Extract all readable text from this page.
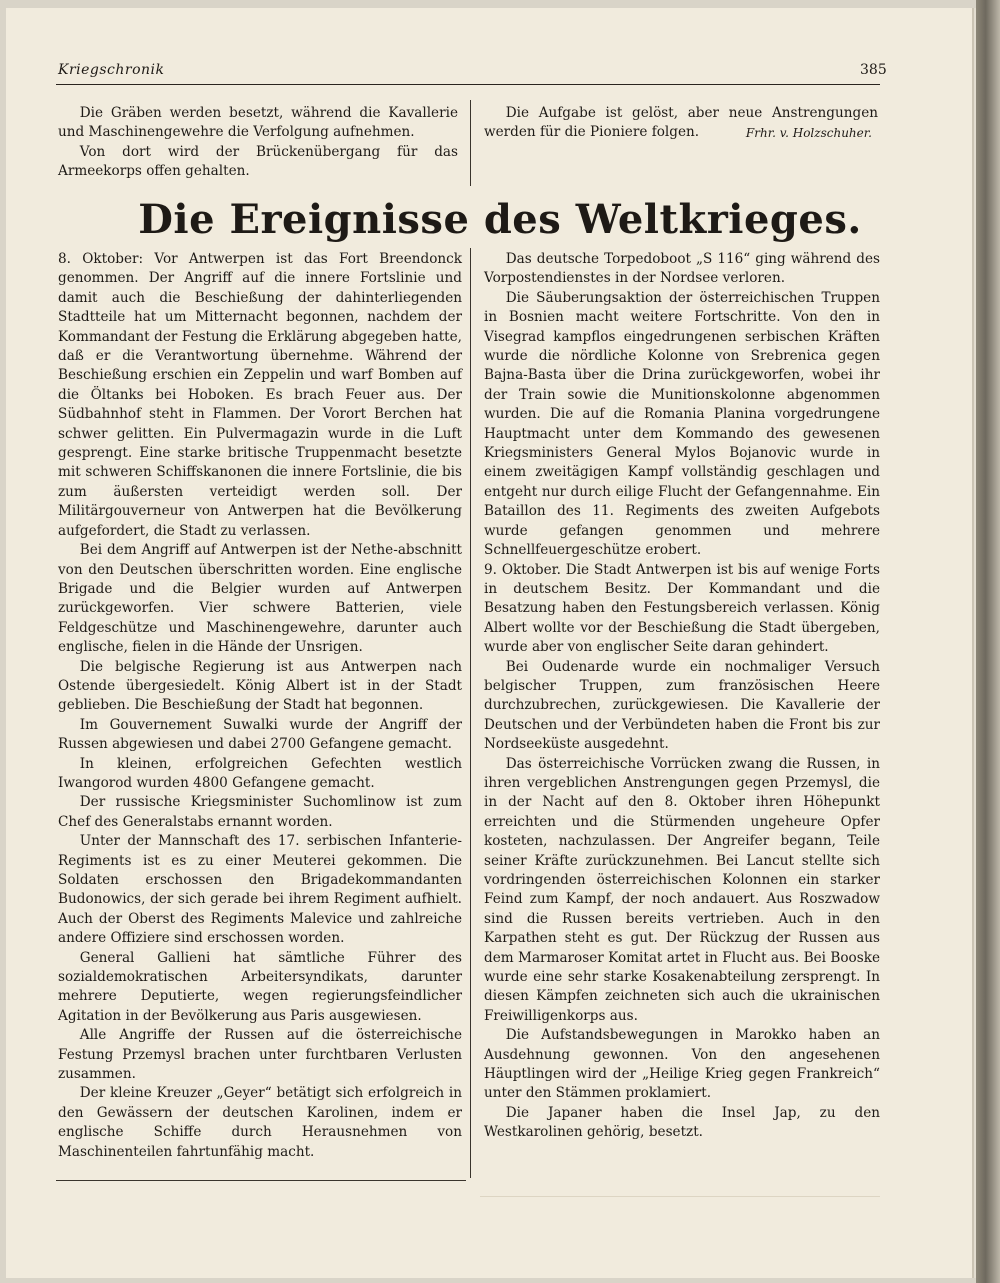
Kriegschronik	385

Die Gräben werden besetzt, während die Kavallerie und Maschinengewehre die Verfolgung aufnehmen.

Von dort wird der Brückenübergang für das Armeekorps offen gehalten.

Die Aufgabe ist gelöst, aber neue Anstrengungen werden für die Pioniere folgen.	Frhr. v. Holzschuher.
Die Ereignisse des Weltkrieges.

8. Oktober: Vor Antwerpen ist das Fort Breendonck genommen. Der Angriff auf die innere Fortslinie und damit auch die Beschießung der dahinterliegenden Stadtteile hat um Mitternacht begonnen, nachdem der Kommandant der Festung die Erklärung abgegeben hatte, daß er die Verantwortung übernehme. Während der Beschießung erschien ein Zeppelin und warf Bomben auf die Öltanks bei Hoboken. Es brach Feuer aus. Der Südbahnhof steht in Flammen. Der Vorort Berchen hat schwer gelitten. Ein Pulvermagazin wurde in die Luft gesprengt. Eine starke britische Truppenmacht besetzte mit schweren Schiffskanonen die innere Fortslinie, die bis zum äußersten verteidigt werden soll. Der Militärgouverneur von Antwerpen hat die Bevölkerung aufgefordert, die Stadt zu verlassen.

Bei dem Angriff auf Antwerpen ist der Nethe-abschnitt von den Deutschen überschritten worden. Eine englische Brigade und die Belgier wurden auf Antwerpen zurückgeworfen. Vier schwere Batterien, viele Feldgeschütze und Maschinengewehre, darunter auch englische, fielen in die Hände der Unsrigen.

Die belgische Regierung ist aus Antwerpen nach Ostende übergesiedelt. König Albert ist in der Stadt geblieben. Die Beschießung der Stadt hat begonnen.

Im Gouvernement Suwalki wurde der Angriff der Russen abgewiesen und dabei 2700 Gefangene gemacht.

In kleinen, erfolgreichen Gefechten westlich Iwangorod wurden 4800 Gefangene gemacht.

Der russische Kriegsminister Suchomlinow ist zum Chef des Generalstabs ernannt worden.

Unter der Mannschaft des 17. serbischen Infanterie-Regiments ist es zu einer Meuterei gekommen. Die Soldaten erschossen den Brigadekommandanten Budonowics, der sich gerade bei ihrem Regiment aufhielt. Auch der Oberst des Regiments Malevice und zahlreiche andere Offiziere sind erschossen worden.

General Gallieni hat sämtliche Führer des sozialdemokratischen Arbeitersyndikats, darunter mehrere Deputierte, wegen regierungsfeindlicher Agitation in der Bevölkerung aus Paris ausgewiesen.

Alle Angriffe der Russen auf die österreichische Festung Przemysl brachen unter furchtbaren Verlusten zusammen.

Der kleine Kreuzer „Geyer“ betätigt sich erfolgreich in den Gewässern der deutschen Karolinen, indem er englische Schiffe durch Herausnehmen von Maschinenteilen fahrtunfähig macht.

Das deutsche Torpedoboot „S 116“ ging während des Vorpostendienstes in der Nordsee verloren.

Die Säuberungsaktion der österreichischen Truppen in Bosnien macht weitere Fortschritte. Von den in Visegrad kampflos eingedrungenen serbischen Kräften wurde die nördliche Kolonne von Srebrenica gegen Bajna-Basta über die Drina zurückgeworfen, wobei ihr der Train sowie die Munitionskolonne abgenommen wurden. Die auf die Romania Planina vorgedrungene Hauptmacht unter dem Kommando des gewesenen Kriegsministers General Mylos Bojanovic wurde in einem zweitägigen Kampf vollständig geschlagen und entgeht nur durch eilige Flucht der Gefangennahme. Ein Bataillon des 11. Regiments des zweiten Aufgebots wurde gefangen genommen und mehrere Schnellfeuergeschütze erobert.

9. Oktober. Die Stadt Antwerpen ist bis auf wenige Forts in deutschem Besitz. Der Kommandant und die Besatzung haben den Festungsbereich verlassen. König Albert wollte vor der Beschießung die Stadt übergeben, wurde aber von englischer Seite daran gehindert.

Bei Oudenarde wurde ein nochmaliger Versuch belgischer Truppen, zum französischen Heere durchzubrechen, zurückgewiesen. Die Kavallerie der Deutschen und der Verbündeten haben die Front bis zur Nordseeküste ausgedehnt.

Das österreichische Vorrücken zwang die Russen, in ihren vergeblichen Anstrengungen gegen Przemysl, die in der Nacht auf den 8. Oktober ihren Höhepunkt erreichten und die Stürmenden ungeheure Opfer kosteten, nachzulassen. Der Angreifer begann, Teile seiner Kräfte zurückzunehmen. Bei Lancut stellte sich vordringenden österreichischen Kolonnen ein starker Feind zum Kampf, der noch andauert. Aus Roszwadow sind die Russen bereits vertrieben. Auch in den Karpathen steht es gut. Der Rückzug der Russen aus dem Marmaroser Komitat artet in Flucht aus. Bei Booske wurde eine sehr starke Kosakenabteilung zersprengt. In diesen Kämpfen zeichneten sich auch die ukrainischen Freiwilligenkorps aus.

Die Aufstandsbewegungen in Marokko haben an Ausdehnung gewonnen. Von den angesehenen Häuptlingen wird der „Heilige Krieg gegen Frankreich“ unter den Stämmen proklamiert.

Die Japaner haben die Insel Jap, zu den Westkarolinen gehörig, besetzt.
